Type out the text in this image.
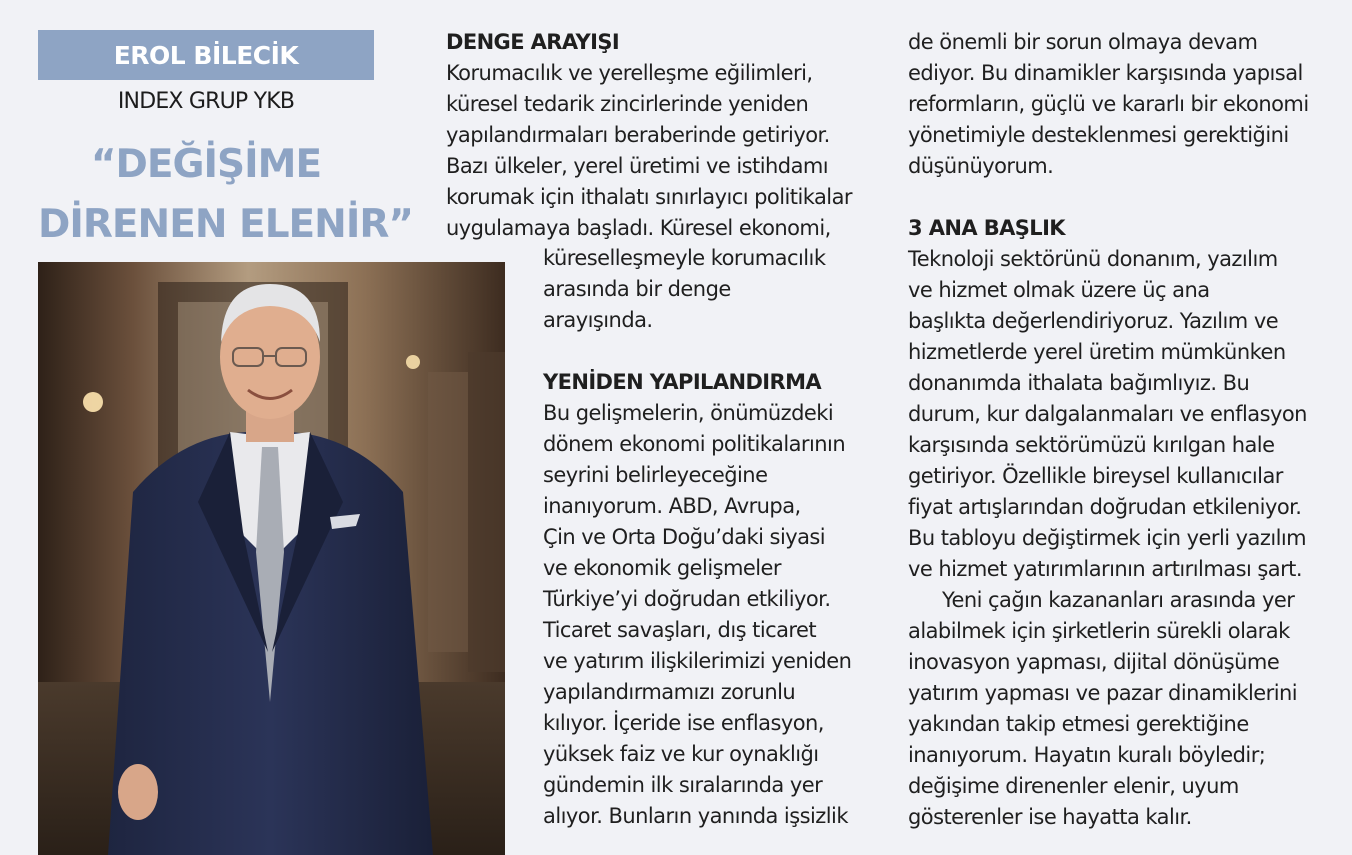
EROL BİLECİK
INDEX GRUP YKB
“DEĞİŞİME
DİRENEN ELENİR”
DENGE ARAYIŞI
Korumacılık ve yerelleşme eğilimleri,
küresel tedarik zincirlerinde yeniden
yapılandırmaları beraberinde getiriyor.
Bazı ülkeler, yerel üretimi ve istihdamı
korumak için ithalatı sınırlayıcı politikalar
uygulamaya başladı. Küresel ekonomi,
küreselleşmeyle korumacılık
arasında bir denge
arayışında.
YENİDEN YAPILANDIRMA
Bu gelişmelerin, önümüzdeki
dönem ekonomi politikalarının
seyrini belirleyeceğine
inanıyorum. ABD, Avrupa,
Çin ve Orta Doğu’daki siyasi
ve ekonomik gelişmeler
Türkiye’yi doğrudan etkiliyor.
Ticaret savaşları, dış ticaret
ve yatırım ilişkilerimizi yeniden
yapılandırmamızı zorunlu
kılıyor. İçeride ise enflasyon,
yüksek faiz ve kur oynaklığı
gündemin ilk sıralarında yer
alıyor. Bunların yanında işsizlik
de önemli bir sorun olmaya devam
ediyor. Bu dinamikler karşısında yapısal
reformların, güçlü ve kararlı bir ekonomi
yönetimiyle desteklenmesi gerektiğini
düşünüyorum.
3 ANA BAŞLIK
Teknoloji sektörünü donanım, yazılım
ve hizmet olmak üzere üç ana
başlıkta değerlendiriyoruz. Yazılım ve
hizmetlerde yerel üretim mümkünken
donanımda ithalata bağımlıyız. Bu
durum, kur dalgalanmaları ve enflasyon
karşısında sektörümüzü kırılgan hale
getiriyor. Özellikle bireysel kullanıcılar
fiyat artışlarından doğrudan etkileniyor.
Bu tabloyu değiştirmek için yerli yazılım
ve hizmet yatırımlarının artırılması şart.
Yeni çağın kazananları arasında yer
alabilmek için şirketlerin sürekli olarak
inovasyon yapması, dijital dönüşüme
yatırım yapması ve pazar dinamiklerini
yakından takip etmesi gerektiğine
inanıyorum. Hayatın kuralı böyledir;
değişime direnenler elenir, uyum
gösterenler ise hayatta kalır.
